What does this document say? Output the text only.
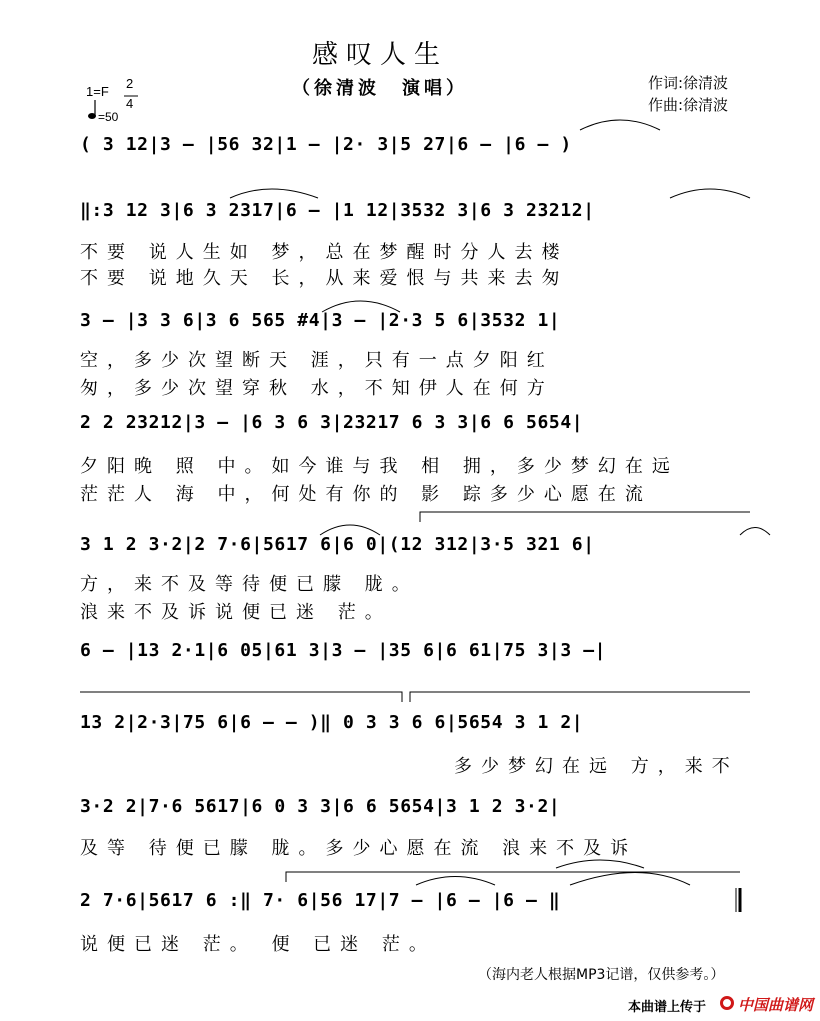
感叹人生
（徐清波　演唱）	作词:徐清波
作曲:徐清波
1=F
2
4
=50
( 3 12|3 – |56 32|1 – |2· 3|5 27|6 – |6 – )
‖:3 12 3|6 3 2317|6 – |1 12|3532 3|6 3 23212|
不要 说人生如 梦，总在梦醒时分人去楼
不要 说地久天 长，从来爱恨与共来去匆
3 – |3 3 6|3 6 565 #4|3 – |2·3 5 6|3532 1|
空，多少次望断天 涯，只有一点夕阳红
匆，多少次望穿秋 水，不知伊人在何方
2 2 23212|3 – |6 3 6 3|23217 6 3 3|6 6 5654|
夕阳晚 照 中。如今谁与我 相 拥，多少梦幻在远
茫茫人 海 中，何处有你的 影 踪多少心愿在流
3 1 2 3·2|2 7·6|5617 6|6 0|(12 312|3·5 321 6|
方，来不及等待便已朦 胧。
浪来不及诉说便已迷 茫。
6 – |13 2·1|6 05|61 3|3 – |35 6|6 61|75 3|3 –|
13 2|2·3|75 6|6 – – )‖ 0 3 3 6 6|5654 3 1 2|
多少梦幻在远 方，来不
3·2 2|7·6 5617|6 0 3 3|6 6 5654|3 1 2 3·2|
及等 待便已朦 胧。多少心愿在流 浪来不及诉
2 7·6|5617 6 :‖ 7· 6|56 17|7 – |6 – |6 – ‖
说便已迷 茫。 便 已迷 茫。
（海内老人根据MP3记谱，仅供参考。）
本曲谱上传于 中国曲谱网
